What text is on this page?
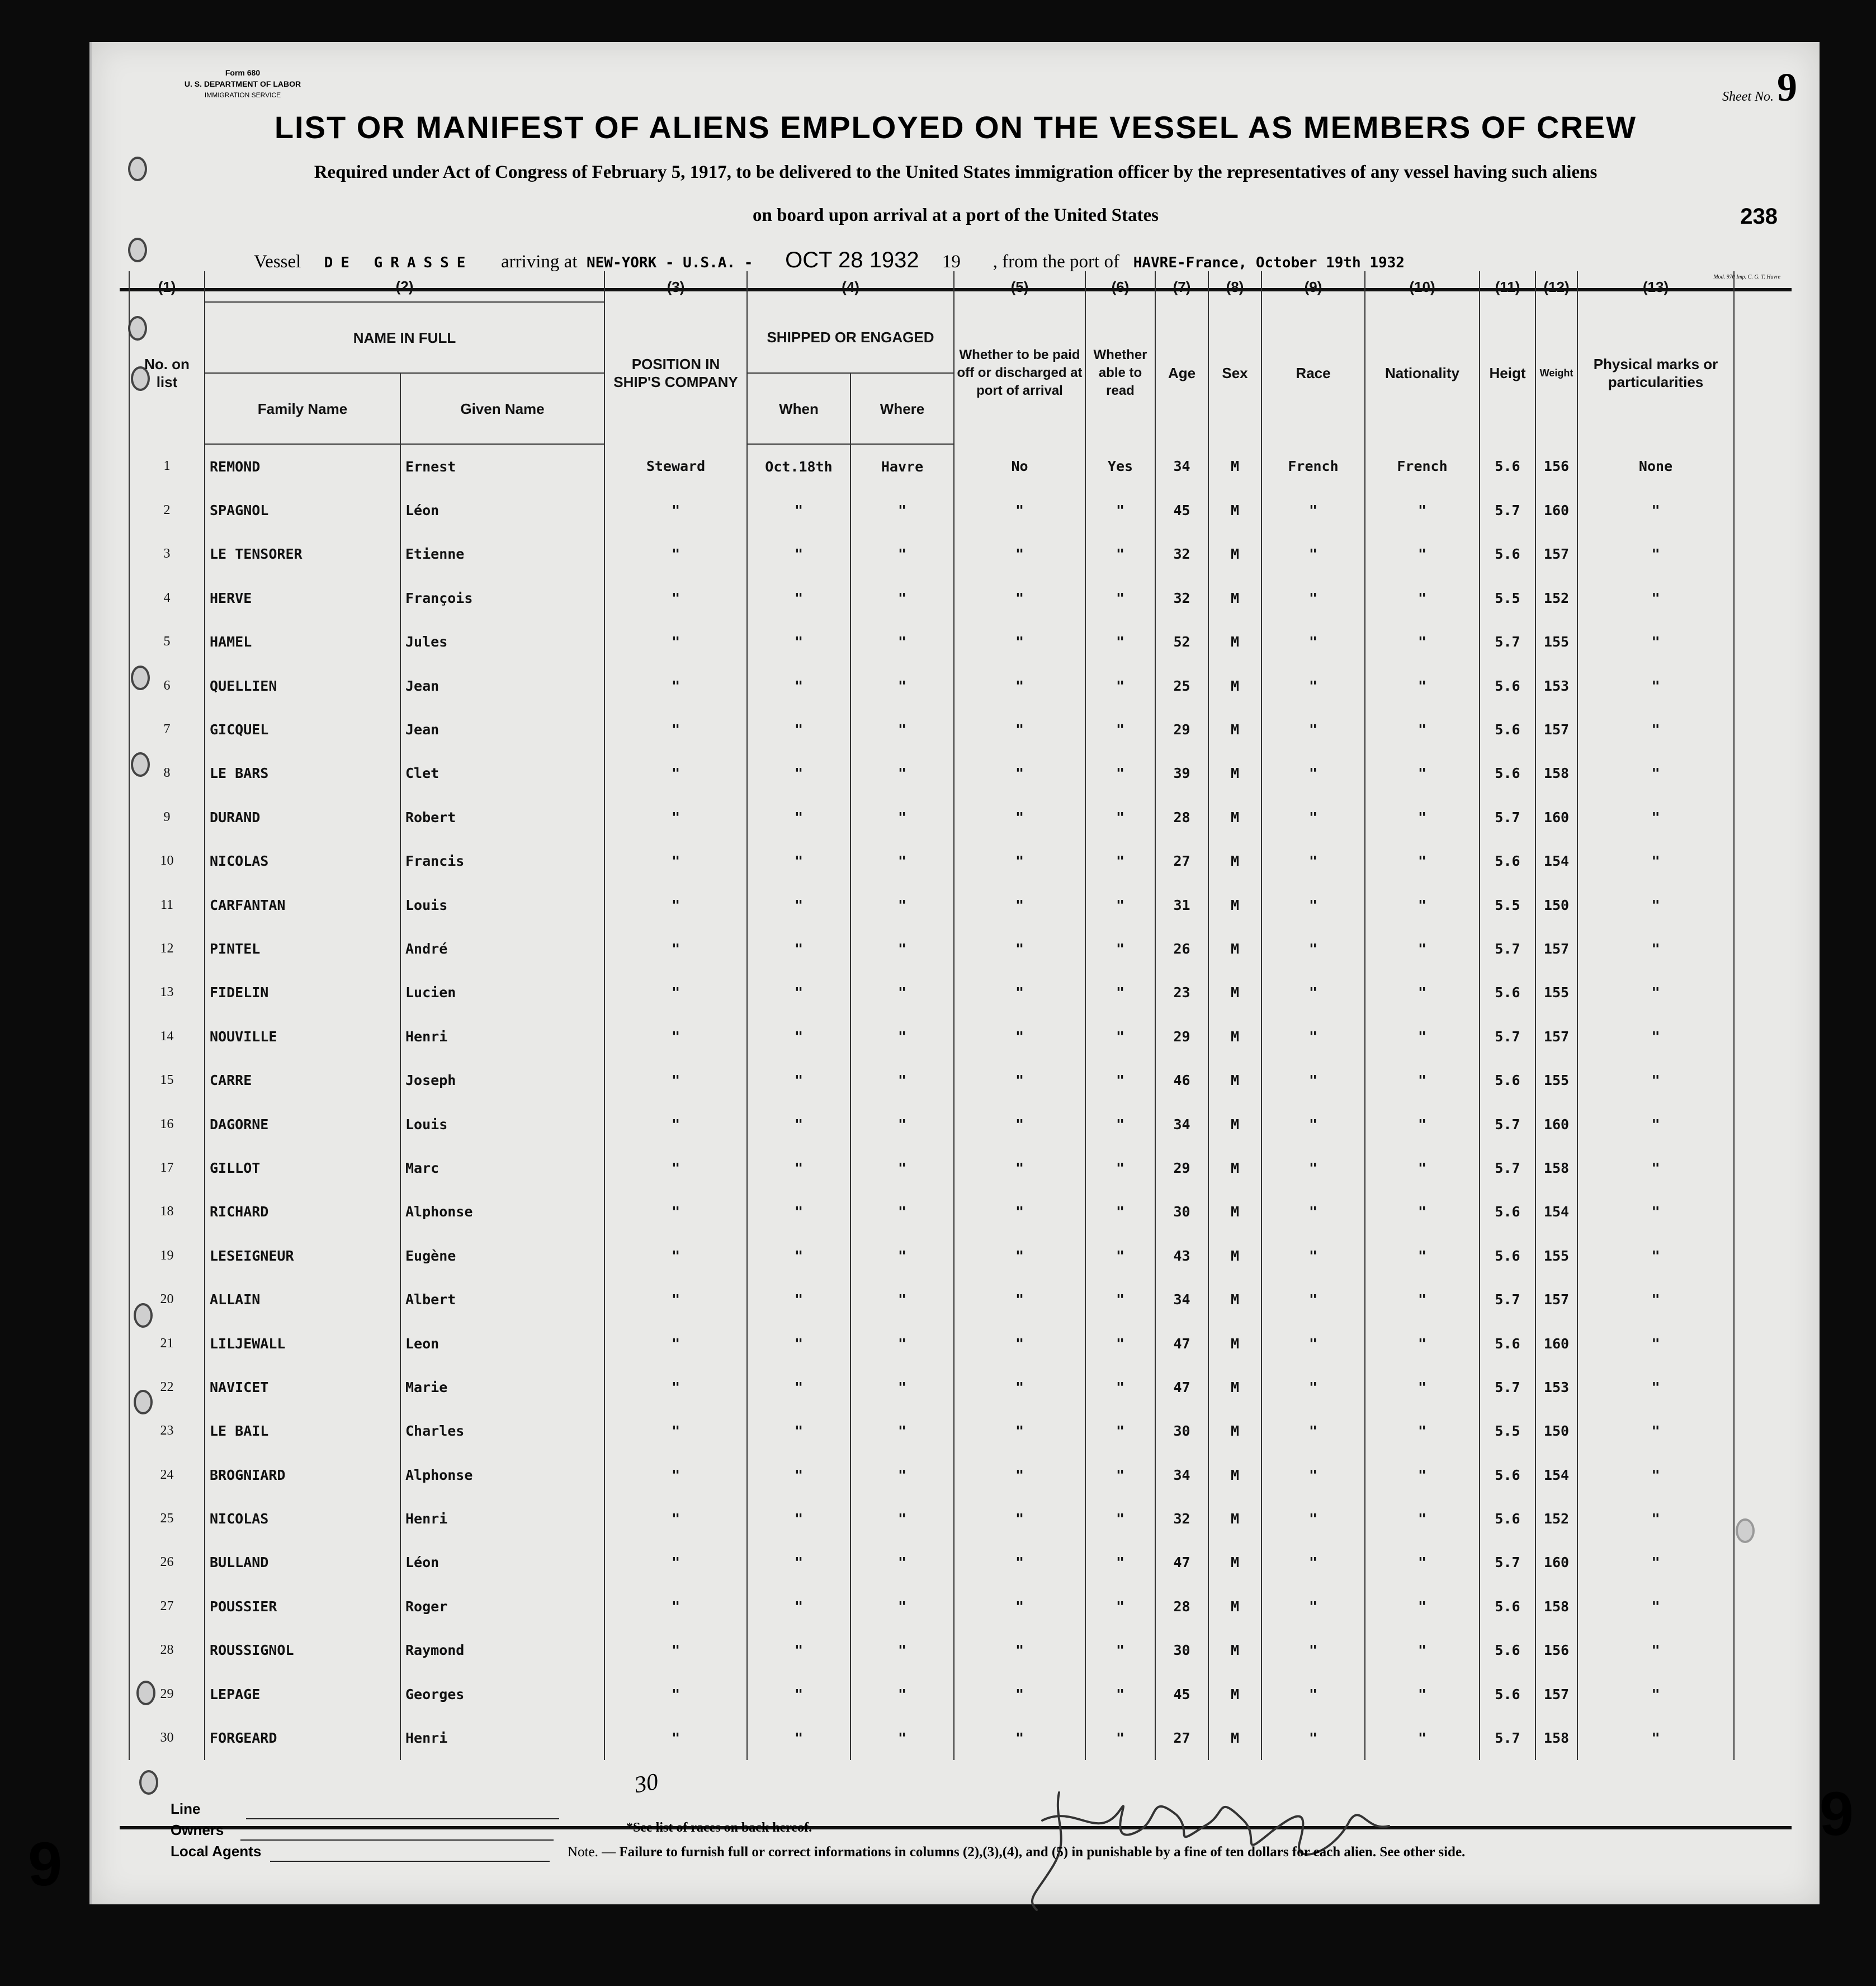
Form 680
U. S. DEPARTMENT OF LABOR
IMMIGRATION SERVICE	Sheet No.9
LIST OR MANIFEST OF ALIENS EMPLOYED ON THE VESSEL AS MEMBERS OF CREW
Required under Act of Congress of February 5, 1917, to be delivered to the United States immigration officer by the representatives of any vessel having such aliens
on board upon arrival at a port of the United States	238
Vessel DE GRASSE arriving at NEW-YORK - U.S.A. - OCT 28 1932 19 , from the port of HAVRE-France, October 19th 1932
Mod. 970 Imp. C. G. T. Havre
(1)	(2)		(3)	(4)		(5)	(6)	(7)	(8)	(9)	(10)	(11)	(12)	(13)
No. on list	NAME IN FULL		POSITION IN SHIP'S COMPANY	SHIPPED OR ENGAGED		Whether to be paid off or discharged at port of arrival	Whether able to read	Age	Sex	Race	Nationality	Heigt	Weight	Physical marks or particularities
	Family Name	Given Name		When	Where									
1	REMOND	Ernest	Steward	Oct.18th	Havre	No	Yes	34	M	French	French	5.6	156	None
2	SPAGNOL	Léon	"	"	"	"	"	45	M	"	"	5.7	160	"
3	LE TENSORER	Etienne	"	"	"	"	"	32	M	"	"	5.6	157	"
4	HERVE	François	"	"	"	"	"	32	M	"	"	5.5	152	"
5	HAMEL	Jules	"	"	"	"	"	52	M	"	"	5.7	155	"
6	QUELLIEN	Jean	"	"	"	"	"	25	M	"	"	5.6	153	"
7	GICQUEL	Jean	"	"	"	"	"	29	M	"	"	5.6	157	"
8	LE BARS	Clet	"	"	"	"	"	39	M	"	"	5.6	158	"
9	DURAND	Robert	"	"	"	"	"	28	M	"	"	5.7	160	"
10	NICOLAS	Francis	"	"	"	"	"	27	M	"	"	5.6	154	"
11	CARFANTAN	Louis	"	"	"	"	"	31	M	"	"	5.5	150	"
12	PINTEL	André	"	"	"	"	"	26	M	"	"	5.7	157	"
13	FIDELIN	Lucien	"	"	"	"	"	23	M	"	"	5.6	155	"
14	NOUVILLE	Henri	"	"	"	"	"	29	M	"	"	5.7	157	"
15	CARRE	Joseph	"	"	"	"	"	46	M	"	"	5.6	155	"
16	DAGORNE	Louis	"	"	"	"	"	34	M	"	"	5.7	160	"
17	GILLOT	Marc	"	"	"	"	"	29	M	"	"	5.7	158	"
18	RICHARD	Alphonse	"	"	"	"	"	30	M	"	"	5.6	154	"
19	LESEIGNEUR	Eugène	"	"	"	"	"	43	M	"	"	5.6	155	"
20	ALLAIN	Albert	"	"	"	"	"	34	M	"	"	5.7	157	"
21	LILJEWALL	Leon	"	"	"	"	"	47	M	"	"	5.6	160	"
22	NAVICET	Marie	"	"	"	"	"	47	M	"	"	5.7	153	"
23	LE BAIL	Charles	"	"	"	"	"	30	M	"	"	5.5	150	"
24	BROGNIARD	Alphonse	"	"	"	"	"	34	M	"	"	5.6	154	"
25	NICOLAS	Henri	"	"	"	"	"	32	M	"	"	5.6	152	"
26	BULLAND	Léon	"	"	"	"	"	47	M	"	"	5.7	160	"
27	POUSSIER	Roger	"	"	"	"	"	28	M	"	"	5.6	158	"
28	ROUSSIGNOL	Raymond	"	"	"	"	"	30	M	"	"	5.6	156	"
29	LEPAGE	Georges	"	"	"	"	"	45	M	"	"	5.6	157	"
30	FORGEARD	Henri	"	"	"	"	"	27	M	"	"	5.7	158	"
30
Line
Owners
Local Agents
9
9
*See list of races on back hereof.
Note. — Failure to furnish full or correct informations in columns (2),(3),(4), and (5) in punishable by a fine of ten dollars for each alien. See other side.
